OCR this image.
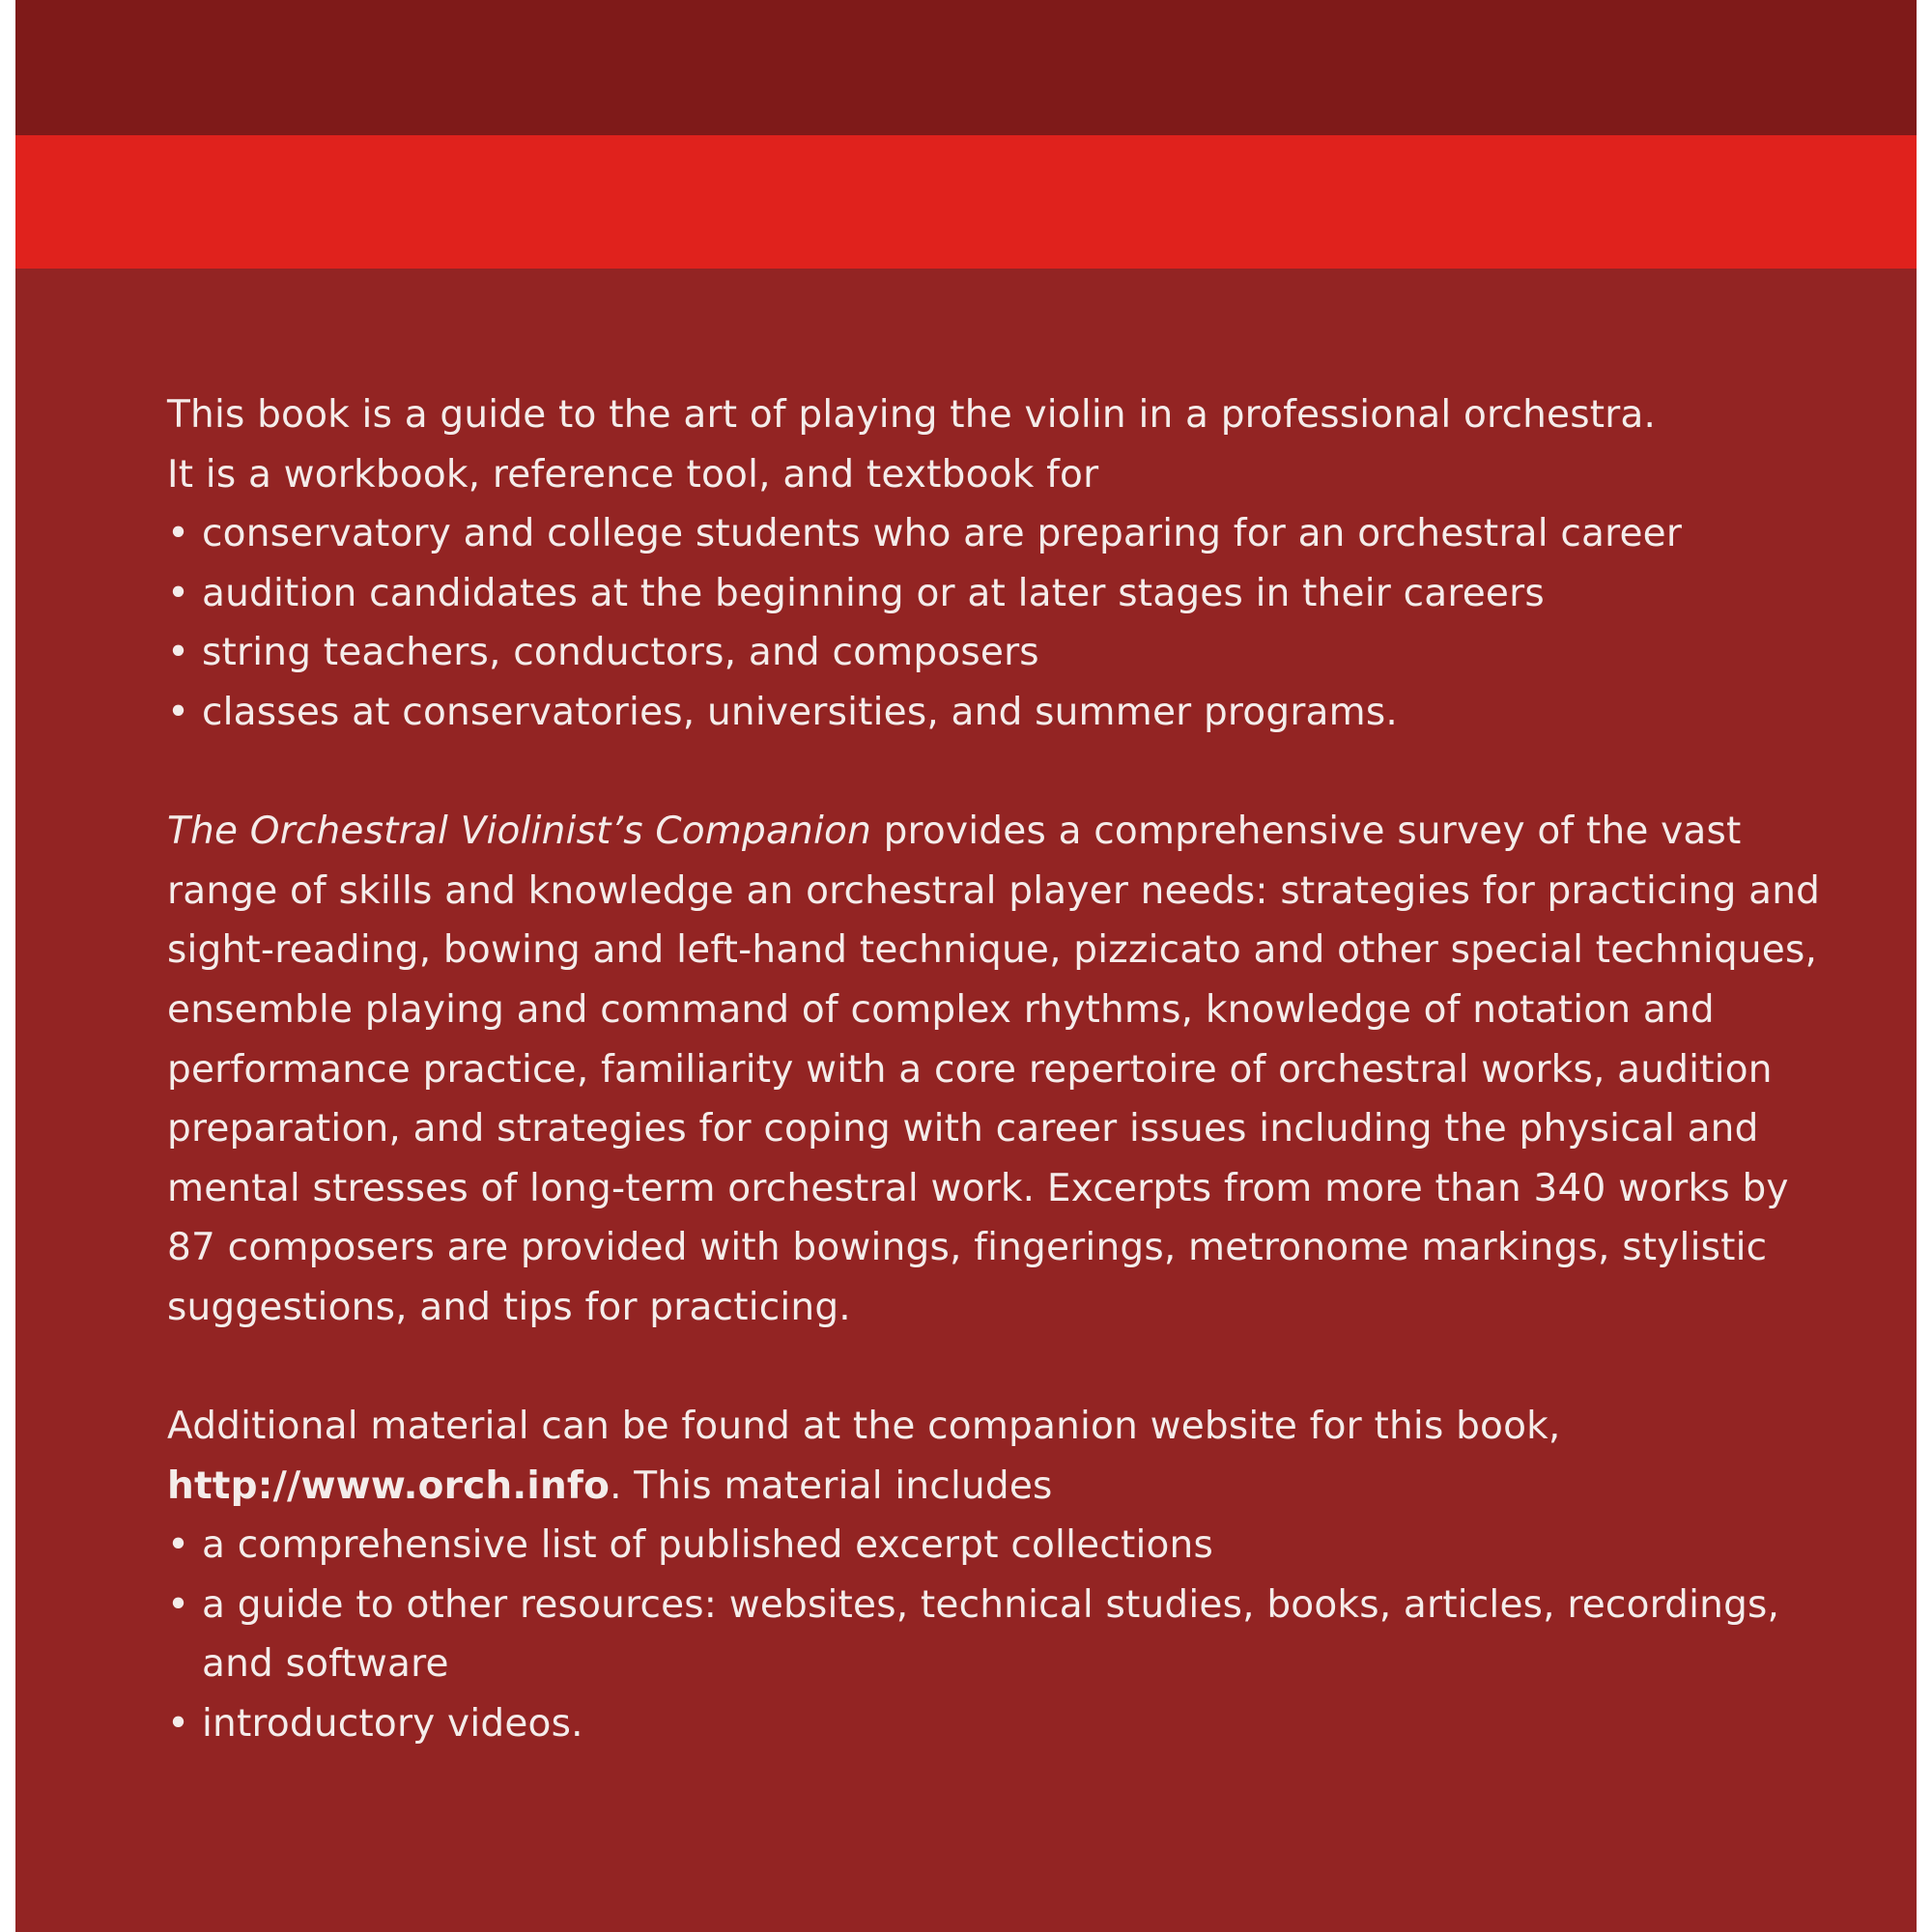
This book is a guide to the art of playing the violin in a professional orchestra.
It is a workbook, reference tool, and textbook for

• conservatory and college students who are preparing for an orchestral career
• audition candidates at the beginning or at later stages in their careers
• string teachers, conductors, and composers
• classes at conservatories, universities, and summer programs.

The Orchestral Violinist’s Companion provides a comprehensive survey of the vast range of skills and knowledge an orchestral player needs: strategies for practicing and sight-reading, bowing and left-hand technique, pizzicato and other special techniques, ensemble playing and command of complex rhythms, knowledge of notation and performance practice, familiarity with a core repertoire of orchestral works, audition preparation, and strategies for coping with career issues including the physical and mental stresses of long-term orchestral work. Excerpts from more than 340 works by 87 composers are provided with bowings, fingerings, metronome markings, stylistic suggestions, and tips for practicing.

Additional material can be found at the companion website for this book,
http://www.orch.info. This material includes

• a comprehensive list of published excerpt collections
• a guide to other resources: websites, technical studies, books, articles, recordings, and software
• introductory videos.
